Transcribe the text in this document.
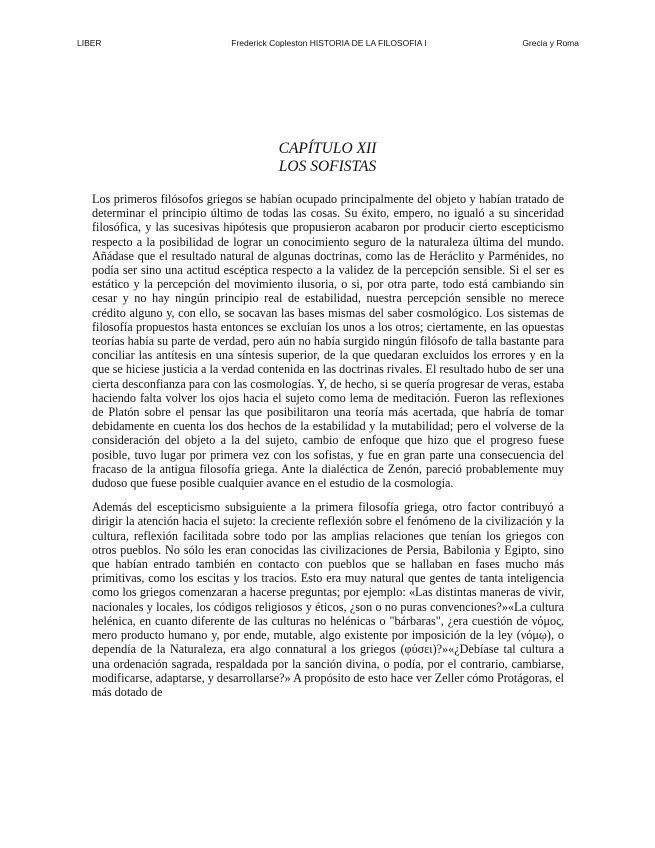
LIBER	Frederick Copleston HISTORIA DE LA FILOSOFIA I	Grecia y Roma
CAPÍTULO XII
LOS SOFISTAS

Los primeros filósofos griegos se habían ocupado principalmente del objeto y habían tratado de determinar el principio último de todas las cosas. Su éxito, empero, no igualó a su sinceridad filosófica, y las sucesivas hipótesis que propusieron acabaron por producir cierto escepticismo respecto a la posibilidad de lograr un conocimiento seguro de la naturaleza última del mundo. Añádase que el resultado natural de algunas doctrinas, como las de Heráclito y Parménides, no podía ser sino una actitud escéptica respecto a la validez de la percepción sensible. Si el ser es estático y la percepción del movimiento ilusoria, o si, por otra parte, todo está cambiando sin cesar y no hay ningún principio real de estabilidad, nuestra percepción sensible no merece crédito alguno y, con ello, se socavan las bases mismas del saber cosmológico. Los sistemas de filosofía propuestos hasta entonces se excluían los unos a los otros; ciertamente, en las opuestas teorías había su parte de verdad, pero aún no había surgido ningún filósofo de talla bastante para conciliar las antítesis en una síntesis superior, de la que quedaran excluidos los errores y en la que se hiciese justicia a la verdad contenida en las doctrinas rivales. El resultado hubo de ser una cierta desconfianza para con las cosmologías. Y, de hecho, si se quería progresar de veras, estaba haciendo falta volver los ojos hacia el sujeto como lema de meditación. Fueron las reflexiones de Platón sobre el pensar las que posibilitaron una teoría más acertada, que habría de tomar debidamente en cuenta los dos hechos de la estabilidad y la mutabilidad; pero el volverse de la consideración del objeto a la del sujeto, cambio de enfoque que hizo que el progreso fuese posible, tuvo lugar por primera vez con los sofistas, y fue en gran parte una consecuencia del fracaso de la antigua filosofía griega. Ante la dialéctica de Zenón, pareció probablemente muy dudoso que fuese posible cualquier avance en el estudio de la cosmología.

Además del escepticismo subsiguiente a la primera filosofía griega, otro factor contribuyó a dirigir la atención hacia el sujeto: la creciente reflexión sobre el fenómeno de la civilización y la cultura, reflexión facilitada sobre todo por las amplias relaciones que tenían los griegos con otros pueblos. No sólo les eran conocidas las civilizaciones de Persia, Babilonia y Egipto, sino que habían entrado también en contacto con pueblos que se hallaban en fases mucho más primitivas, como los escitas y los tracios. Esto era muy natural que gentes de tanta inteligencia como los griegos comenzaran a hacerse preguntas; por ejemplo: «Las distintas maneras de vivir, nacionales y locales, los códigos religiosos y éticos, ¿son o no puras convenciones?»«La cultura helénica, en cuanto diferente de las culturas no helénicas o "bárbaras", ¿era cuestión de νόμος, mero producto humano y, por ende, mutable, algo existente por imposición de la ley (νόμῳ), o dependía de la Naturaleza, era algo connatural a los griegos (φύσει)?»«¿Debíase tal cultura a una ordenación sagrada, respaldada por la sanción divina, o podía, por el contrario, cambiarse, modificarse, adaptarse, y desarrollarse?» A propósito de esto hace ver Zeller cómo Protágoras, el más dotado de
